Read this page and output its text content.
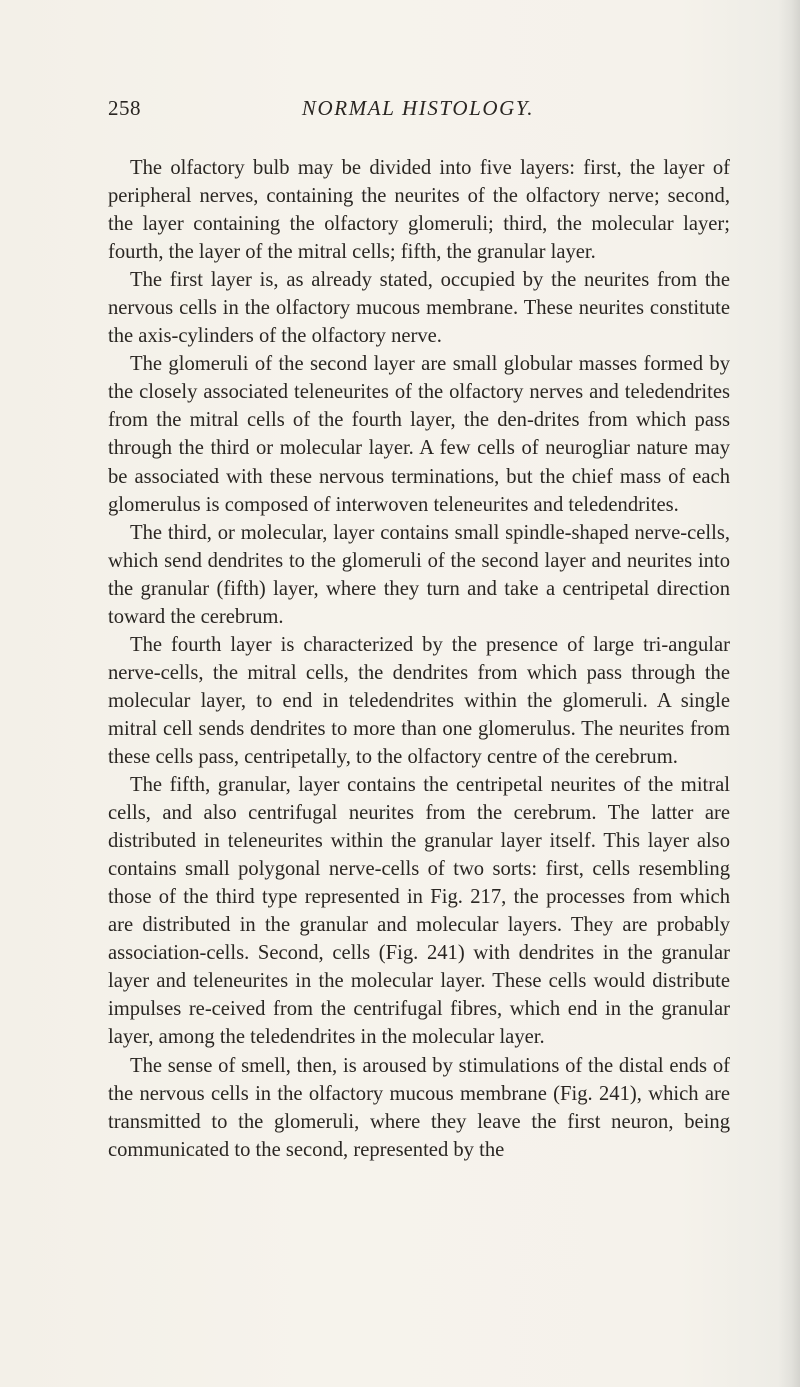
258	NORMAL HISTOLOGY.

The olfactory bulb may be divided into five layers: first, the layer of peripheral nerves, containing the neurites of the olfactory nerve; second, the layer containing the olfactory glomeruli; third, the molecular layer; fourth, the layer of the mitral cells; fifth, the granular layer.

The first layer is, as already stated, occupied by the neurites from the nervous cells in the olfactory mucous membrane. These neurites constitute the axis-cylinders of the olfactory nerve.

The glomeruli of the second layer are small globular masses formed by the closely associated teleneurites of the olfactory nerves and teledendrites from the mitral cells of the fourth layer, the den-drites from which pass through the third or molecular layer. A few cells of neurogliar nature may be associated with these nervous terminations, but the chief mass of each glomerulus is composed of interwoven teleneurites and teledendrites.

The third, or molecular, layer contains small spindle-shaped nerve-cells, which send dendrites to the glomeruli of the second layer and neurites into the granular (fifth) layer, where they turn and take a centripetal direction toward the cerebrum.

The fourth layer is characterized by the presence of large tri-angular nerve-cells, the mitral cells, the dendrites from which pass through the molecular layer, to end in teledendrites within the glomeruli. A single mitral cell sends dendrites to more than one glomerulus. The neurites from these cells pass, centripetally, to the olfactory centre of the cerebrum.

The fifth, granular, layer contains the centripetal neurites of the mitral cells, and also centrifugal neurites from the cerebrum. The latter are distributed in teleneurites within the granular layer itself. This layer also contains small polygonal nerve-cells of two sorts: first, cells resembling those of the third type represented in Fig. 217, the processes from which are distributed in the granular and molecular layers. They are probably association-cells. Second, cells (Fig. 241) with dendrites in the granular layer and teleneurites in the molecular layer. These cells would distribute impulses re-ceived from the centrifugal fibres, which end in the granular layer, among the teledendrites in the molecular layer.

The sense of smell, then, is aroused by stimulations of the distal ends of the nervous cells in the olfactory mucous membrane (Fig. 241), which are transmitted to the glomeruli, where they leave the first neuron, being communicated to the second, represented by the
